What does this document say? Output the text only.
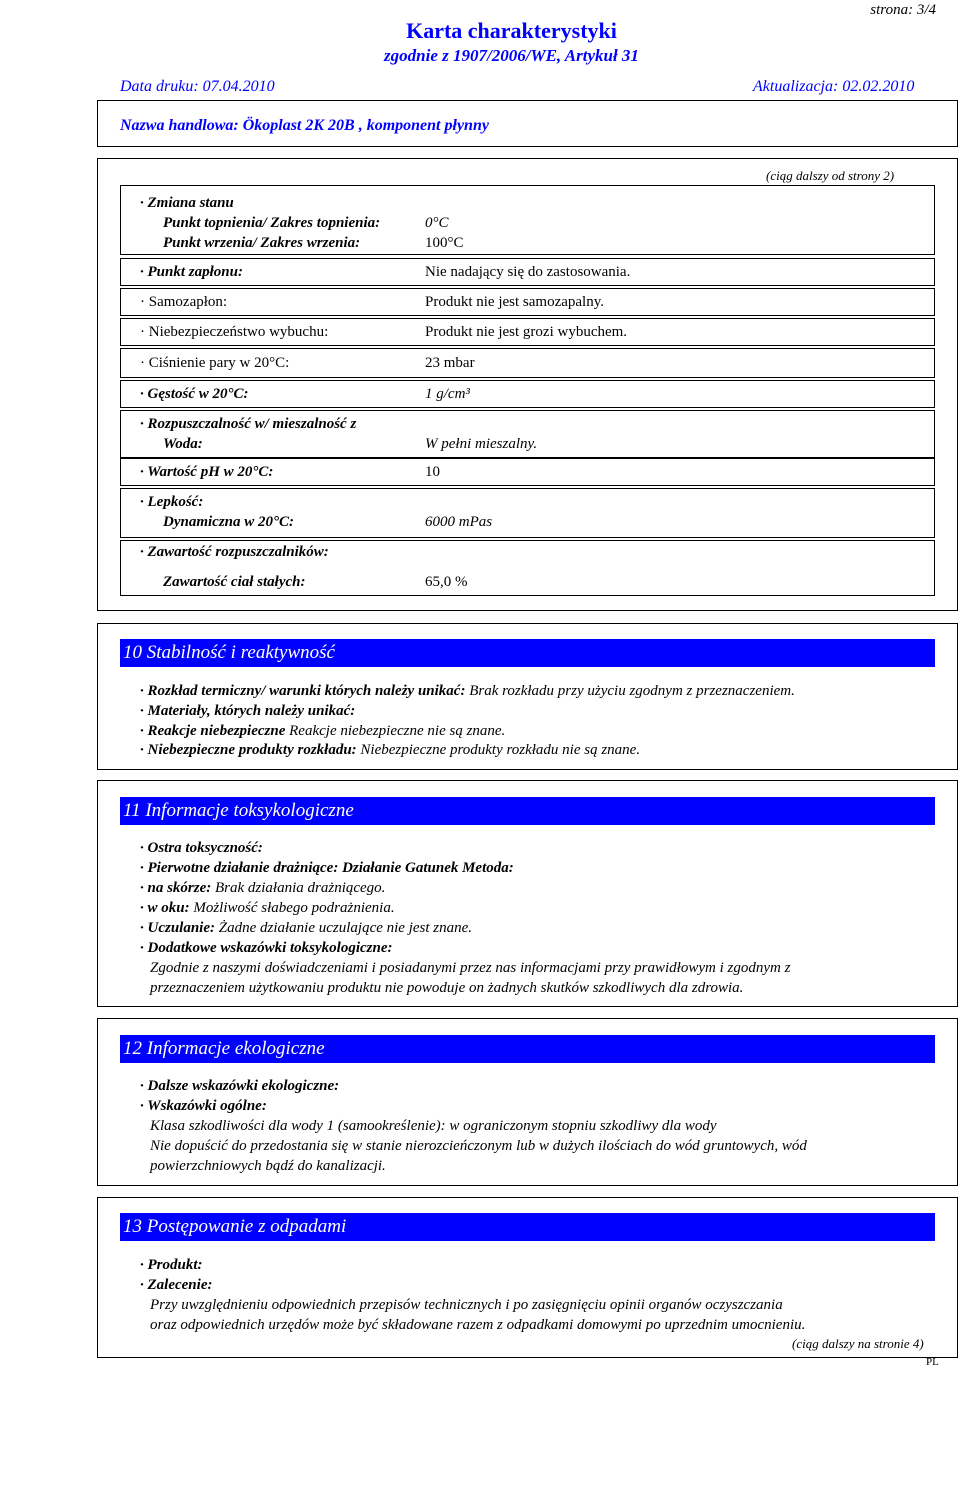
strona: 3/4
Karta charakterystyki
zgodnie z 1907/2006/WE, Artykuł 31
Data druku: 07.04.2010	Aktualizacja: 02.02.2010
Nazwa handlowa: Ökoplast 2K 20B , komponent płynny
(ciąg dalszy od strony 2)
· Zmiana stanu
Punkt topnienia/ Zakres topnienia:	0°C
Punkt wrzenia/ Zakres wrzenia:	100°C
· Punkt zapłonu:	Nie nadający się do zastosowania.
· Samozapłon:	Produkt nie jest samozapalny.
· Niebezpieczeństwo wybuchu:	Produkt nie jest grozi wybuchem.
· Ciśnienie pary w 20°C:	23 mbar
· Gęstość w 20°C:	1 g/cm³
· Rozpuszczalność w/ mieszalność z
Woda:	W pełni mieszalny.
· Wartość pH w 20°C:	10
· Lepkość:
Dynamiczna w 20°C:	6000 mPas
· Zawartość rozpuszczalników:
Zawartość ciał stałych:	65,0 %
10 Stabilność i reaktywność
· Rozkład termiczny/ warunki których należy unikać: Brak rozkładu przy użyciu zgodnym z przeznaczeniem.
· Materiały, których należy unikać:
· Reakcje niebezpieczne Reakcje niebezpieczne nie są znane.
· Niebezpieczne produkty rozkładu: Niebezpieczne produkty rozkładu nie są znane.
11 Informacje toksykologiczne
· Ostra toksyczność:
· Pierwotne działanie drażniące: Działanie Gatunek Metoda:
· na skórze: Brak działania drażniącego.
· w oku: Możliwość słabego podrażnienia.
· Uczulanie: Żadne działanie uczulające nie jest znane.
· Dodatkowe wskazówki toksykologiczne:
Zgodnie z naszymi doświadczeniami i posiadanymi przez nas informacjami przy prawidłowym i zgodnym z
przeznaczeniem użytkowaniu produktu nie powoduje on żadnych skutków szkodliwych dla zdrowia.
12 Informacje ekologiczne
· Dalsze wskazówki ekologiczne:
· Wskazówki ogólne:
Klasa szkodliwości dla wody 1 (samookreślenie): w ograniczonym stopniu szkodliwy dla wody
Nie dopuścić do przedostania się w stanie nierozcieńczonym lub w dużych ilościach do wód gruntowych, wód
powierzchniowych bądź do kanalizacji.
13 Postępowanie z odpadami
· Produkt:
· Zalecenie:
Przy uwzględnieniu odpowiednich przepisów technicznych i po zasięgnięciu opinii organów oczyszczania
oraz odpowiednich urzędów może być składowane razem z odpadkami domowymi po uprzednim umocnieniu.
(ciąg dalszy na stronie 4)
PL
